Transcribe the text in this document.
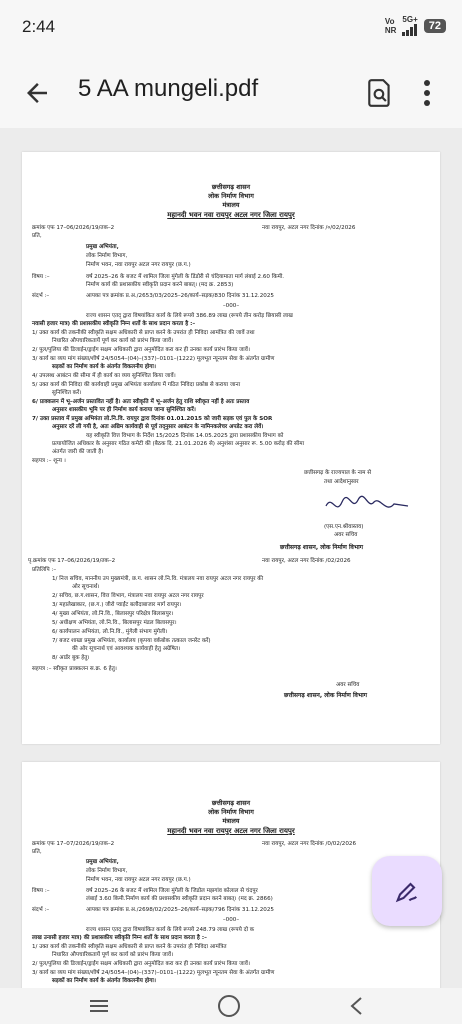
2:44	Vo
NR
5G+	72
5 AA mungeli.pdf
छत्तीसगढ़ शासन
लोक निर्माण विभाग
मंत्रालय
महानदी भवन नवा रायपुर अटल नगर जिला रायपुर
क्रमांक एफ 17–06/2026/19/तक–2	नवा रायपुर, अटल नगर दिनांक /०/02/2026
प्रति,
प्रमुख अभियंता,
लोक निर्माण विभाग,
निर्माण भवन, नवा रायपुर अटल नगर रायपुर (छ.ग.)
विषय :–	वर्ष 2025–26 के बजट में शामिल जिला मुंगेली के डिंडोरी से चंदियामाता मार्ग लंबाई 2.60 किमी.
निर्माण कार्य की प्रशासकीय स्वीकृति प्रदान करने बाबत्। (मद क्र. 2853)
संदर्भ :–	आपका पत्र क्रमांक प्र.अ./2653/03/2025–26/कार्य–सड़क/830 दिनांक 31.12.2025
–000–
राज्य शासन एतद् द्वारा विषयांकित कार्य के लिये रूपये 386.89 लाख (रूपये तीन करोड़ छियासी लाख
नवासी हजार मात्र) की प्रशासकीय स्वीकृति निम्न शर्तो के साथ प्रदान करता है :–
1/ उक्त कार्य की तकनीकी स्वीकृति सक्षम अधिकारी से प्राप्त करने के उपरांत ही निविदा आमंत्रित की जावें तथा
निधारित औपचारिकतायें पूर्ण कर कार्य को प्रारंभ किया जावें।
2/ पुल/पुलिया की डिजाईन/ड्राईग सक्षम अधिकारी द्वारा अनुमोदित करा कर ही उनका कार्य प्रारंभ किया जावें।
3/ कार्य का व्यय मांग संख्या/शीर्ष 24/5054–(04)–(337)–0101–(1222) मूलभूत न्यूनतम सेवा के अंतर्गत ग्रामीण
सड़कों का निर्माण कार्य के अंतर्गत विकलनीय होगा।
4/ उपलब्ध आबंटन की सीमा में ही कार्य का व्यय सुनिश्चित किया जावें।
5/ उक्त कार्य की निविदा की कार्यवाही प्रमुख अभियंता कार्यालय में गठित निविदा प्रकोष्ठ से कराया जाना
सुनिश्चित करें।
6/ प्राक्कलन में भू–अर्जन प्रस्तावित नहीं है। अतः स्वीकृति में भू–अर्जन हेतु राशि स्वीकृत नहीं है अतः प्रस्ताव
अनुसार शासकीय भूमि पर ही निर्माण कार्य कराया जाना सुनिश्चित करें।
7/ उक्त प्रस्ताव में प्रमुख अभियंता लो.नि.वि. रायपुर द्वारा दिनांक 01.01.2015 को जारी सड़क एवं पुल के SOR
अनुसार दरें ली गयी है, अतः अद्यिम कार्यवाही से पूर्व तद्नुसार आबंटन के नामिनकलेचर अपडेट करा लेवें।
यह स्वीकृति वित्त विभाग के निर्देश 15/2025 दिनांक 14.05.2025 द्वारा प्रशासकीय विभाग को
प्रत्यायोजित अधिकार के अनुसार गठित कमेटी की (बैठक दि. 21.01.2026 से) अनुशंसा अनुसार रू. 5.00 करोड़ की सीमा
अंतर्गत जारी की जाती है।
सहपत्र :– शून्य ।
छत्तीसगढ़ के राज्यपाल के नाम से
तथा आदेशानुसार
(एस.एन.श्रीवास्तव)
अवर सचिव
छत्तीसगढ़ शासन, लोक निर्माण विभाग
पृ.क्रमांक एफ 17–06/2026/19/तक–2	नवा रायपुर, अटल नगर दिनांक /02/2026
प्रतिलिपि :–
1/ निज सचिव, माननीय उप मुख्यमंत्री, छ.ग. शासन लो.नि.वि. मंत्रालय नवा रायपुर अटल नगर रायपुर की
ओर सूचनार्थ।
2/ सचिव, छ.ग.शासन, वित्त विभाग, मंत्रालय नवा रायपुर अटल नगर रायपुर
3/ महालेखाकार, (छ.ग.) जीरो प्वाईंट बलौदाबाजार मार्ग रायपुर।
4/ मुख्य अभियंता, लो.नि.वि., बिलासपुर परिक्षेत्र बिलासपुर।
5/ अधीक्षण अभियंता, लो.नि.वि., बिलासपुर मंडल बिलासपुर।
6/ कार्यपालन अभियंता, लो.नि.वि., मुंगेली संभाग मुंगेली।
7/ बजट शाखा प्रमुख अभियंता, कार्यालय (कृपया वर्कबोक तत्काल जनरेट करें)
की ओर सूचनार्थ एवं आवश्यक कार्यवाही हेतु अग्रेषित।
8/ आर्डर बुक हेतु।
सहपत्र :– स्वीकृत प्राक्कलन स.क्र. 6 हेतु।
अवर सचिव
छत्तीसगढ़ शासन, लोक निर्माण विभाग
छत्तीसगढ़ शासन
लोक निर्माण विभाग
मंत्रालय
महानदी भवन नवा रायपुर अटल नगर जिला रायपुर
क्रमांक एफ 17–07/2026/19/तक–2	नवा रायपुर, अटल नगर दिनांक /0/02/2026
प्रति,
प्रमुख अभियंता,
लोक निर्माण विभाग,
निर्माण भवन, नवा रायपुर अटल नगर रायपुर (छ.ग.)
विषय :–	वर्ष 2025–26 के बजट में शामिल जिला मुंगेली के जिडोल मझगांव कोलाल से चंदपुर
लंबाई 3.60 किमी.निर्माण कार्य की प्रशासकीय स्वीकृति प्रदान करने बाबत्। (मद क्र. 2866)
संदर्भ :–	आपका पत्र क्रमांक प्र.अ./2698/02/2025–26/कार्य–सड़क/796 दिनांक 31.12.2025
–000–
राज्य शासन एतद् द्वारा विषयांकित कार्य के लिये रूपये 248.79 लाख (रूपये दो क
लाख उनासी हजार मात्र) की प्रशासकीय स्वीकृति निम्न शर्तो के साथ प्रदान करता है :–
1/ उक्त कार्य की तकनीकी स्वीकृति सक्षम अधिकारी से प्राप्त करने के उपरांत ही निविदा आमंत्रित
निधारित औपचारिकतायें पूर्ण कर कार्य को प्रारंभ किया जावें।
2/ पुल/पुलिया की डिजाईन/ड्राईंग सक्षम अधिकारी द्वारा अनुमोदित करा कर ही उनका कार्य प्रारंभ किया जावें।
3/ कार्य का व्यय मांग संख्या/शीर्ष 24/5054–(04)–(337)–0101–(1222) मूलभूत न्यूनतम सेवा के अंतर्गत ग्रामीण
सड़कों का निर्माण कार्य के अंतर्गत विकलनीय होगा।
